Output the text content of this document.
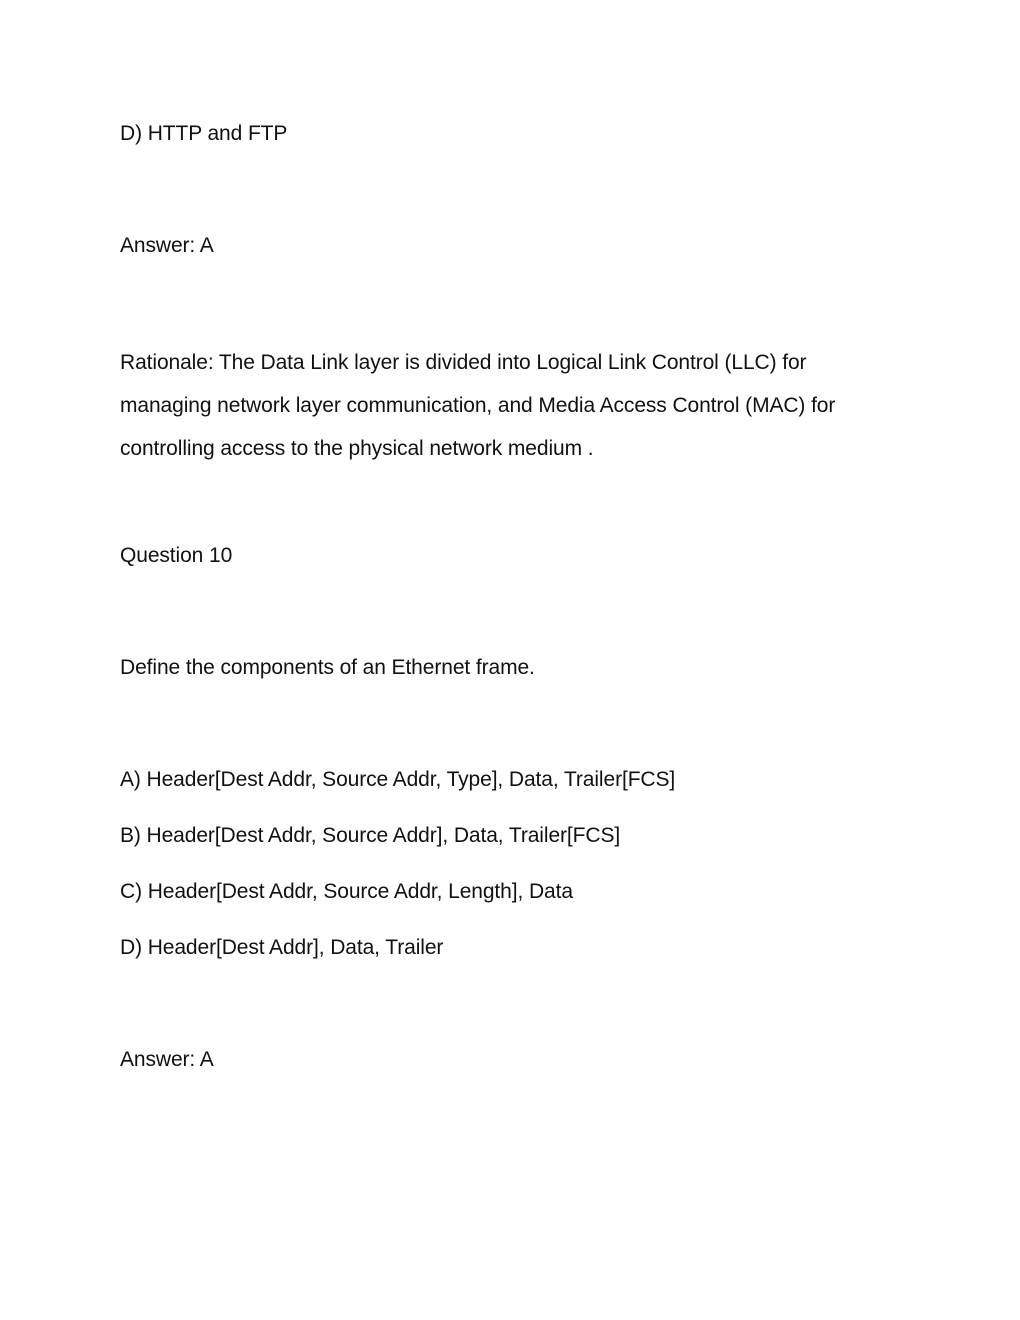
D) HTTP and FTP
Answer: A
Rationale: The Data Link layer is divided into Logical Link Control (LLC) for
managing network layer communication, and Media Access Control (MAC) for
controlling access to the physical network medium .
Question 10
Define the components of an Ethernet frame.
A) Header[Dest Addr, Source Addr, Type], Data, Trailer[FCS]
B) Header[Dest Addr, Source Addr], Data, Trailer[FCS]
C) Header[Dest Addr, Source Addr, Length], Data
D) Header[Dest Addr], Data, Trailer
Answer: A
